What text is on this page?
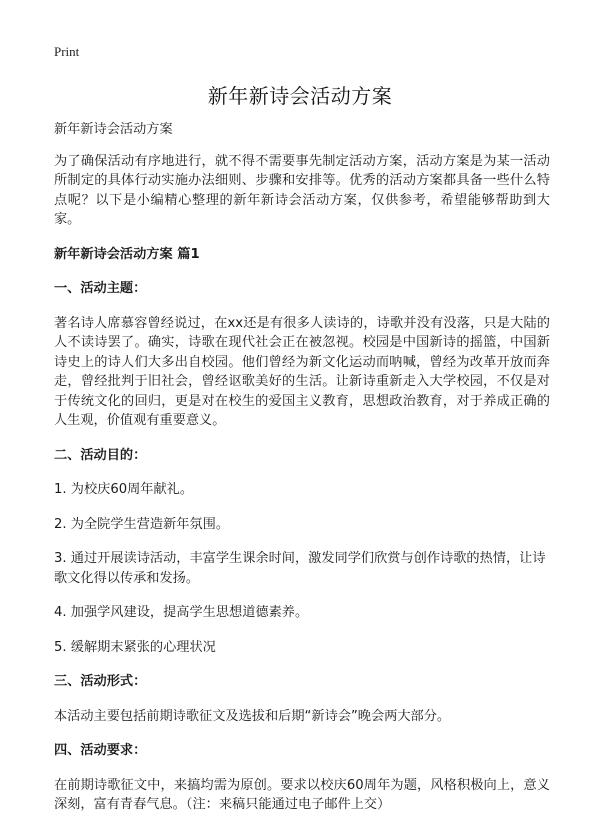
Print
新年新诗会活动方案

新年新诗会活动方案

为了确保活动有序地进行，就不得不需要事先制定活动方案，活动方案是为某一活动所制定的具体行动实施办法细则、步骤和安排等。优秀的活动方案都具备一些什么特点呢？以下是小编精心整理的新年新诗会活动方案，仅供参考，希望能够帮助到大家。

新年新诗会活动方案 篇1

一、活动主题：

著名诗人席慕容曾经说过，在xx还是有很多人读诗的，诗歌并没有没落，只是大陆的人不读诗罢了。确实，诗歌在现代社会正在被忽视。校园是中国新诗的摇篮，中国新诗史上的诗人们大多出自校园。他们曾经为新文化运动而呐喊，曾经为改革开放而奔走，曾经批判于旧社会，曾经讴歌美好的生活。让新诗重新走入大学校园，不仅是对于传统文化的回归，更是对在校生的爱国主义教育，思想政治教育，对于养成正确的人生观，价值观有重要意义。

二、活动目的：

1. 为校庆60周年献礼。

2. 为全院学生营造新年氛围。

3. 通过开展读诗活动，丰富学生课余时间，激发同学们欣赏与创作诗歌的热情，让诗歌文化得以传承和发扬。

4. 加强学风建设，提高学生思想道德素养。

5. 缓解期末紧张的心理状况

三、活动形式：

本活动主要包括前期诗歌征文及选拔和后期“新诗会”晚会两大部分。

四、活动要求：

在前期诗歌征文中，来搞均需为原创。要求以校庆60周年为题，风格积极向上，意义深刻，富有青春气息。（注：来稿只能通过电子邮件上交）
